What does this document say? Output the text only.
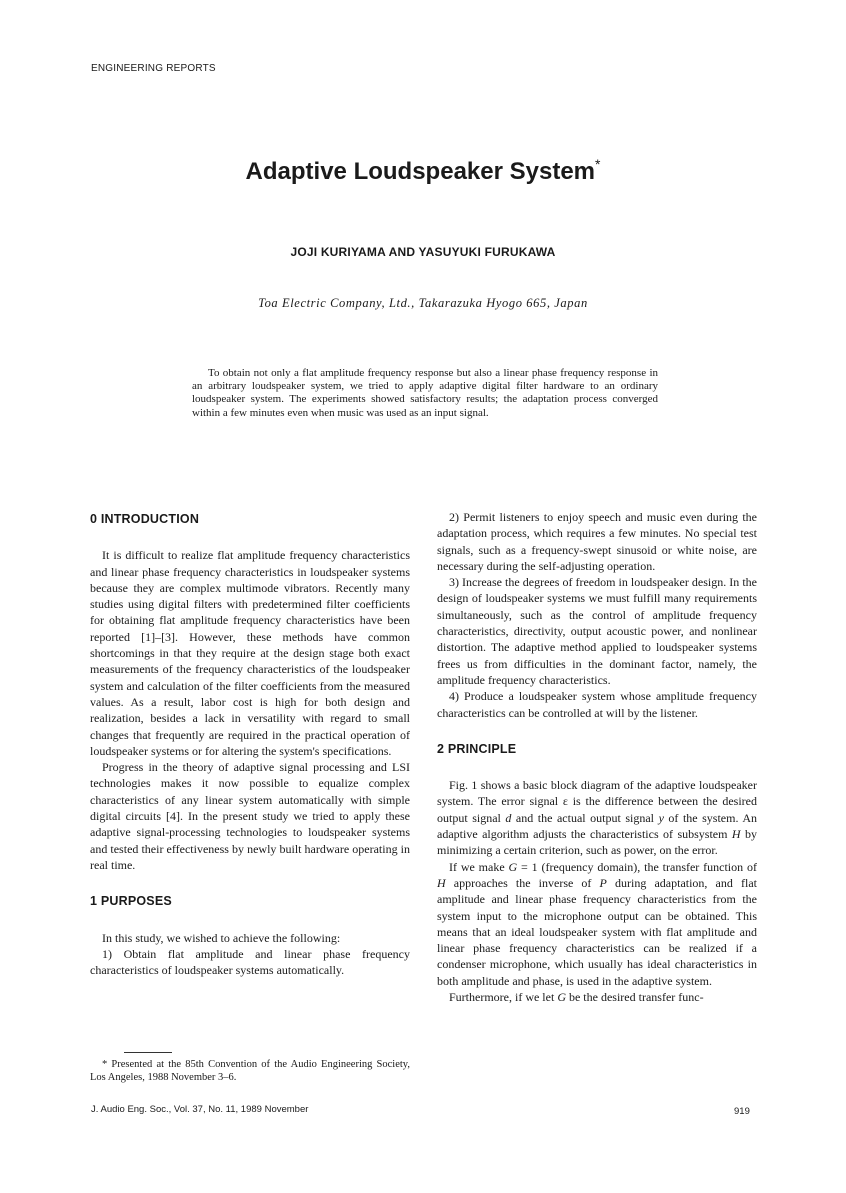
ENGINEERING REPORTS
Adaptive Loudspeaker System*
JOJI KURIYAMA AND YASUYUKI FURUKAWA
Toa Electric Company, Ltd., Takarazuka Hyogo 665, Japan
To obtain not only a flat amplitude frequency response but also a linear phase frequency response in an arbitrary loudspeaker system, we tried to apply adaptive digital filter hardware to an ordinary loudspeaker system. The experiments showed satisfactory results; the adaptation process converged within a few minutes even when music was used as an input signal.
0 INTRODUCTION

It is difficult to realize flat amplitude frequency characteristics and linear phase frequency characteristics in loudspeaker systems because they are complex multimode vibrators. Recently many studies using digital filters with predetermined filter coefficients for obtaining flat amplitude frequency characteristics have been reported [1]–[3]. However, these methods have common shortcomings in that they require at the design stage both exact measurements of the frequency characteristics of the loudspeaker system and calculation of the filter coefficients from the measured values. As a result, labor cost is high for both design and realization, besides a lack in versatility with regard to small changes that frequently are required in the practical operation of loudspeaker systems or for altering the system's specifications.

Progress in the theory of adaptive signal processing and LSI technologies makes it now possible to equalize complex characteristics of any linear system automatically with simple digital circuits [4]. In the present study we tried to apply these adaptive signal-processing technologies to loudspeaker systems and tested their effectiveness by newly built hardware operating in real time.

1 PURPOSES

In this study, we wished to achieve the following:

1) Obtain flat amplitude and linear phase frequency characteristics of loudspeaker systems automatically.

2) Permit listeners to enjoy speech and music even during the adaptation process, which requires a few minutes. No special test signals, such as a frequency-swept sinusoid or white noise, are necessary during the self-adjusting operation.

3) Increase the degrees of freedom in loudspeaker design. In the design of loudspeaker systems we must fulfill many requirements simultaneously, such as the control of amplitude frequency characteristics, directivity, output acoustic power, and nonlinear distortion. The adaptive method applied to loudspeaker systems frees us from difficulties in the dominant factor, namely, the amplitude frequency characteristics.

4) Produce a loudspeaker system whose amplitude frequency characteristics can be controlled at will by the listener.

2 PRINCIPLE

Fig. 1 shows a basic block diagram of the adaptive loudspeaker system. The error signal ε is the difference between the desired output signal d and the actual output signal y of the system. An adaptive algorithm adjusts the characteristics of subsystem H by minimizing a certain criterion, such as power, on the error.

If we make G = 1 (frequency domain), the transfer function of H approaches the inverse of P during adaptation, and flat amplitude and linear phase frequency characteristics from the system input to the microphone output can be obtained. This means that an ideal loudspeaker system with flat amplitude and linear phase frequency characteristics can be realized if a condenser microphone, which usually has ideal characteristics in both amplitude and phase, is used in the adaptive system.

Furthermore, if we let G be the desired transfer func-

* Presented at the 85th Convention of the Audio Engineering Society, Los Angeles, 1988 November 3–6.
J. Audio Eng. Soc., Vol. 37, No. 11, 1989 November	919
